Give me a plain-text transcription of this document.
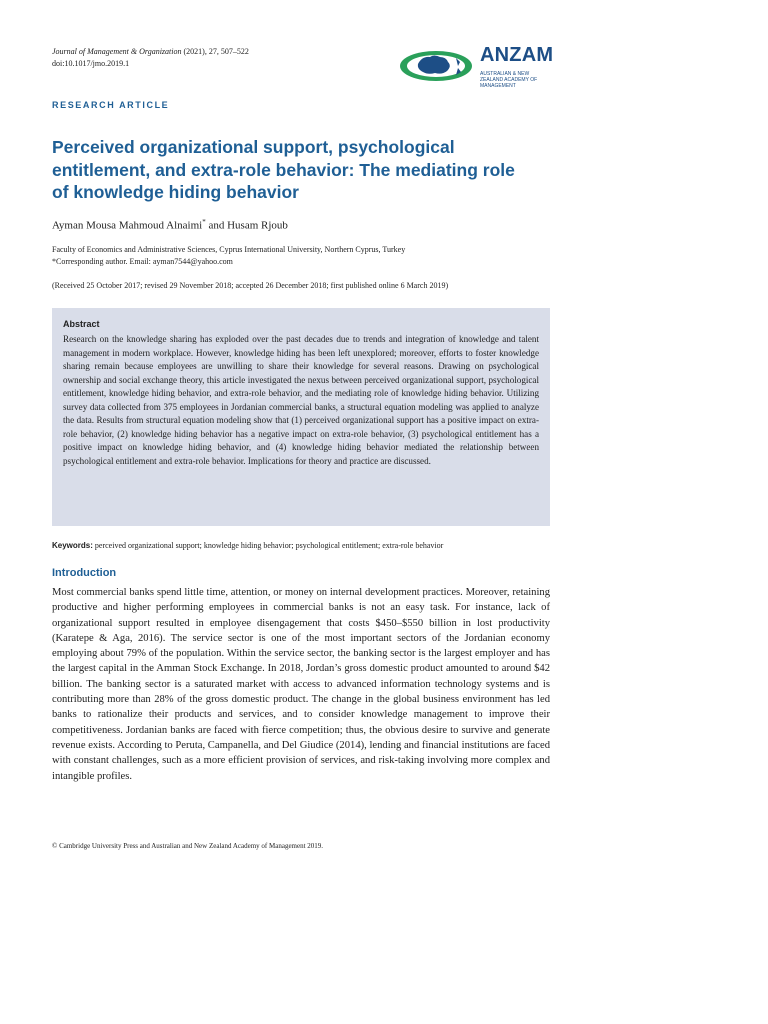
Journal of Management & Organization (2021), 27, 507–522
doi:10.1017/jmo.2019.1	ANZAM
AUSTRALIAN & NEW ZEALAND ACADEMY OF MANAGEMENT
RESEARCH ARTICLE
Perceived organizational support, psychological entitlement, and extra-role behavior: The mediating role of knowledge hiding behavior
Ayman Mousa Mahmoud Alnaimi* and Husam Rjoub
Faculty of Economics and Administrative Sciences, Cyprus International University, Northern Cyprus, Turkey
*Corresponding author. Email: ayman7544@yahoo.com
(Received 25 October 2017; revised 29 November 2018; accepted 26 December 2018; first published online 6 March 2019)
Abstract
Research on the knowledge sharing has exploded over the past decades due to trends and integration of knowledge and talent management in modern workplace. However, knowledge hiding has been left unexplored; moreover, efforts to foster knowledge sharing remain because employees are unwilling to share their knowledge for several reasons. Drawing on psychological ownership and social exchange theory, this article investigated the nexus between perceived organizational support, psychological entitlement, knowledge hiding behavior, and extra-role behavior, and the mediating role of knowledge hiding behavior. Utilizing survey data collected from 375 employees in Jordanian commercial banks, a structural equation modeling was applied to analyze the data. Results from structural equation modeling show that (1) perceived organizational support has a positive impact on extra-role behavior, (2) knowledge hiding behavior has a negative impact on extra-role behavior, (3) psychological entitlement has a positive impact on knowledge hiding behavior, and (4) knowledge hiding behavior mediated the relationship between psychological entitlement and extra-role behavior. Implications for theory and practice are discussed.
Keywords: perceived organizational support; knowledge hiding behavior; psychological entitlement; extra-role behavior
Introduction
Most commercial banks spend little time, attention, or money on internal development practices. Moreover, retaining productive and higher performing employees in commercial banks is not an easy task. For instance, lack of organizational support resulted in employee disengagement that costs $450–$550 billion in lost productivity (Karatepe & Aga, 2016). The service sector is one of the most important sectors of the Jordanian economy employing about 79% of the population. Within the service sector, the banking sector is the largest employer and has the largest capital in the Amman Stock Exchange. In 2018, Jordan’s gross domestic product amounted to around $42 billion. The banking sector is a saturated market with access to advanced information technology systems and is contributing more than 28% of the gross domestic product. The change in the global business environment has led banks to rationalize their products and services, and to consider knowledge management to improve their competitiveness. Jordanian banks are faced with fierce competition; thus, the obvious desire to survive and generate revenue exists. According to Peruta, Campanella, and Del Giudice (2014), lending and financial institutions are faced with constant challenges, such as a more efficient provision of services, and risk-taking involving more complex and intangible profiles.
© Cambridge University Press and Australian and New Zealand Academy of Management 2019.
